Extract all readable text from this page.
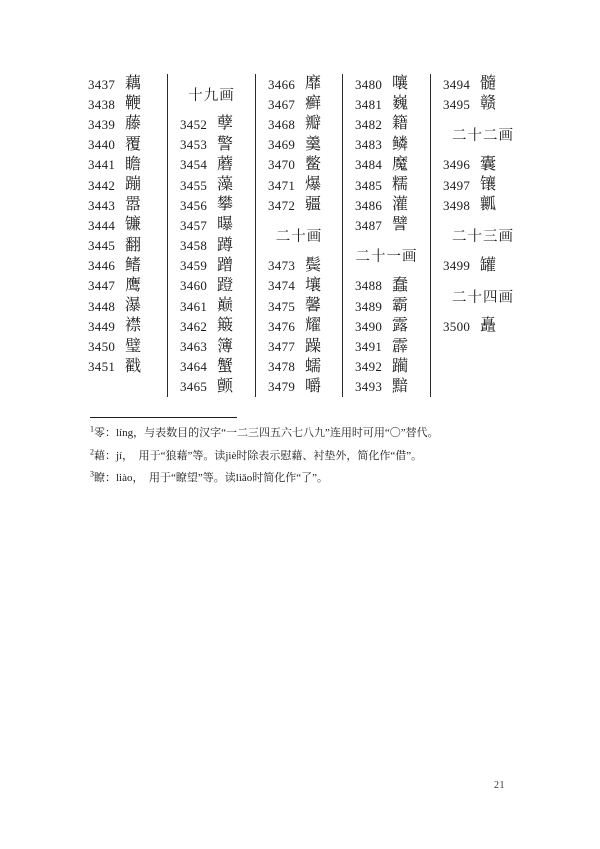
3437 藕
3438 鞭
3439 藤
3440 覆
3441 瞻
3442 蹦
3443 嚣
3444 镰
3445 翻
3446 鳍
3447 鹰
3448 瀑
3449 襟
3450 璧
3451 戳
十九画
3452 孽
3453 警
3454 蘑
3455 藻
3456 攀
3457 曝
3458 蹲
3459 蹭
3460 蹬
3461 巅
3462 簸
3463 簿
3464 蟹
3465 颤
3466 靡
3467 癣
3468 瓣
3469 羹
3470 鳖
3471 爆
3472 疆
二十画
3473 鬓
3474 壤
3475 馨
3476 耀
3477 躁
3478 蠕
3479 嚼
3480 嚷
3481 巍
3482 籍
3483 鳞
3484 魔
3485 糯
3486 灌
3487 譬
二十一画
3488 蠢
3489 霸
3490 露
3491 霹
3492 躏
3493 黯
3494 髓
3495 赣
二十二画
3496 囊
3497 镶
3498 瓤
二十三画
3499 罐
二十四画
3500 矗
$^1$零：líng，与表数目的汉字“一二三四五六七八九”连用时可用“〇”替代。
$^2$藉：jí，　用于“狼藉”等。读jiè时除表示慰藉、衬垫外，简化作“借”。
$^3$瞭：liào，　用于“瞭望”等。读liǎo时简化作“了”。
21
